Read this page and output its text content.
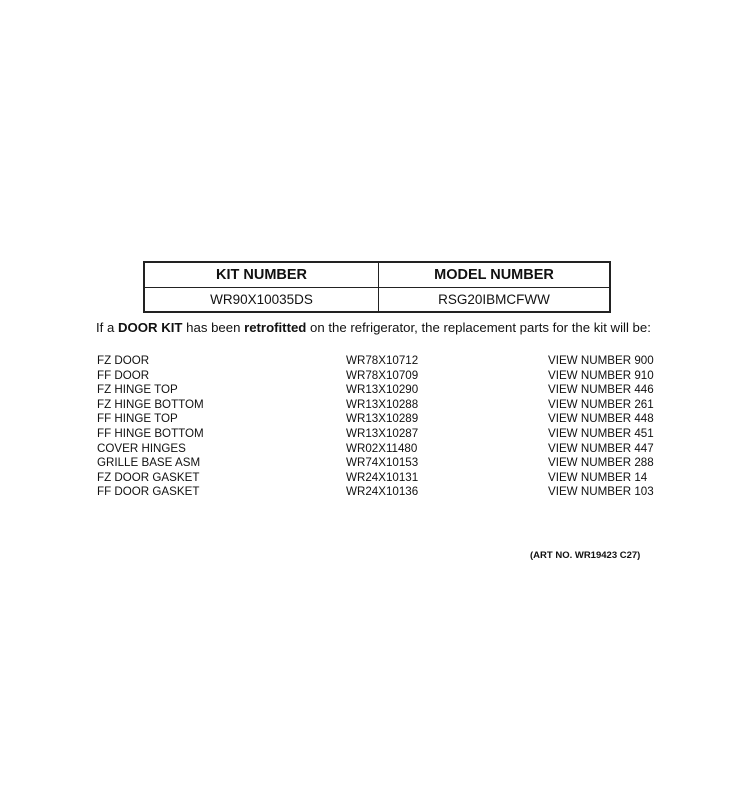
KIT NUMBER	MODEL NUMBER
WR90X10035DS	RSG20IBMCFWW
If a DOOR KIT has been retrofitted on the refrigerator, the replacement parts for the kit will be:
FZ DOOR	WR78X10712	VIEW NUMBER 900
FF DOOR	WR78X10709	VIEW NUMBER 910
FZ HINGE TOP	WR13X10290	VIEW NUMBER 446
FZ HINGE BOTTOM	WR13X10288	VIEW NUMBER 261
FF HINGE TOP	WR13X10289	VIEW NUMBER 448
FF HINGE BOTTOM	WR13X10287	VIEW NUMBER 451
COVER HINGES	WR02X11480	VIEW NUMBER 447
GRILLE BASE ASM	WR74X10153	VIEW NUMBER 288
FZ DOOR GASKET	WR24X10131	VIEW NUMBER 14
FF DOOR GASKET	WR24X10136	VIEW NUMBER 103
(ART NO. WR19423 C27)
